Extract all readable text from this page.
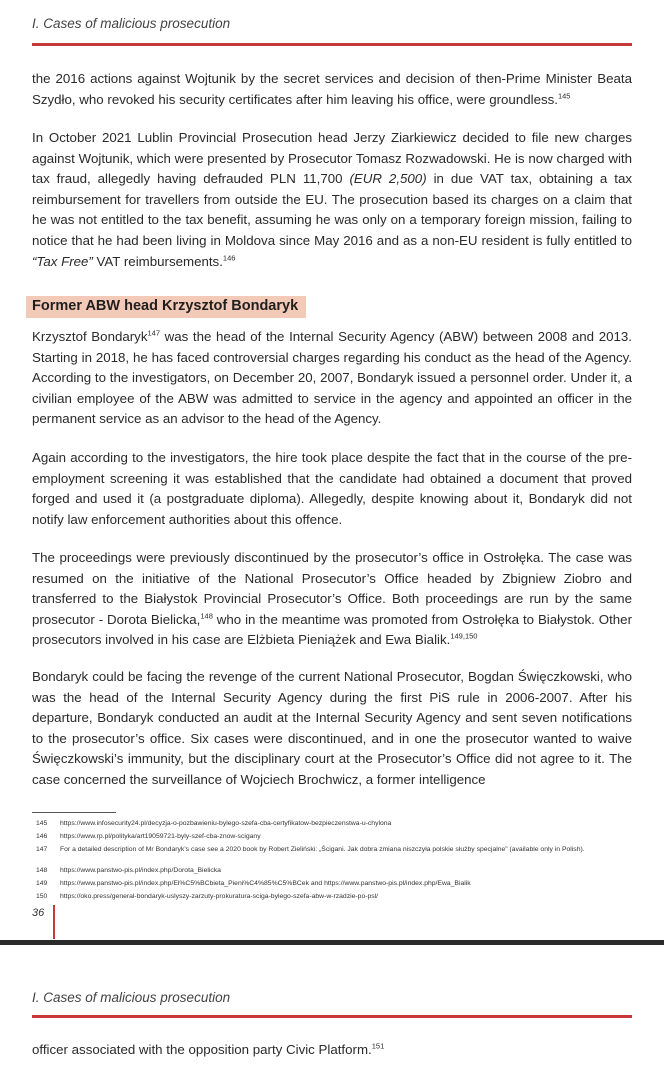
I. Cases of malicious prosecution

the 2016 actions against Wojtunik by the secret services and decision of then-Prime Minister Beata Szydło, who revoked his security certificates after him leaving his office, were groundless.$^{145}$

In October 2021 Lublin Provincial Prosecution head Jerzy Ziarkiewicz decided to file new charges against Wojtunik, which were presented by Prosecutor Tomasz Rozwadowski. He is now charged with tax fraud, allegedly having defrauded PLN 11,700 (EUR 2,500) in due VAT tax, obtaining a tax reimbursement for travellers from outside the EU. The prosecution based its charges on a claim that he was not entitled to the tax benefit, assuming he was only on a temporary foreign mission, failing to notice that he had been living in Moldova since May 2016 and as a non-EU resident is fully entitled to “Tax Free” VAT reimbursements.$^{146}$

Former ABW head Krzysztof Bondaryk

Krzysztof Bondaryk$^{147}$ was the head of the Internal Security Agency (ABW) between 2008 and 2013. Starting in 2018, he has faced controversial charges regarding his conduct as the head of the Agency. According to the investigators, on December 20, 2007, Bondaryk issued a personnel order. Under it, a civilian employee of the ABW was admitted to service in the agency and appointed an officer in the permanent service as an advisor to the head of the Agency.

Again according to the investigators, the hire took place despite the fact that in the course of the pre-employment screening it was established that the candidate had obtained a document that proved forged and used it (a postgraduate diploma). Allegedly, despite knowing about it, Bondaryk did not notify law enforcement authorities about this offence.

The proceedings were previously discontinued by the prosecutor’s office in Ostrołęka. The case was resumed on the initiative of the National Prosecutor’s Office headed by Zbigniew Ziobro and transferred to the Białystok Provincial Prosecutor’s Office. Both proceedings are run by the same prosecutor - Dorota Bielicka,$^{148}$ who in the meantime was promoted from Ostrołęka to Białystok. Other prosecutors involved in his case are Elżbieta Pieniążek and Ewa Bialik.$^{149,150}$

Bondaryk could be facing the revenge of the current National Prosecutor, Bogdan Święczkowski, who was the head of the Internal Security Agency during the first PiS rule in 2006-2007. After his departure, Bondaryk conducted an audit at the Internal Security Agency and sent seven notifications to the prosecutor’s office. Six cases were discontinued, and in one the prosecutor wanted to waive Święczkowski’s immunity, but the disciplinary court at the Prosecutor’s Office did not agree to it. The case concerned the surveillance of Wojciech Brochwicz, a former intelligence

145 https://www.infosecurity24.pl/decyzja-o-pozbawieniu-bylego-szefa-cba-certyfikatow-bezpieczenstwa-u-chylona
146 https://www.rp.pl/polityka/art19059721-byly-szef-cba-znow-scigany
147 For a detailed description of Mr Bondaryk’s case see a 2020 book by Robert Zieliński: „Ścigani. Jak dobra zmiana niszczyła polskie służby specjalne” (available only in Polish).
148 https://www.panstwo-pis.pl/index.php/Dorota_Bielicka
149 https://www.panstwo-pis.pl/index.php/El%C5%BCbieta_Pieni%C4%85%C5%BCek and https://www.panstwo-pis.pl/index.php/Ewa_Bialik
150 https://oko.press/general-bondaryk-uslyszy-zarzuty-prokuratura-sciga-bylego-szefa-abw-w-rzadzie-po-psl/
36
I. Cases of malicious prosecution

officer associated with the opposition party Civic Platform.$^{151}$
